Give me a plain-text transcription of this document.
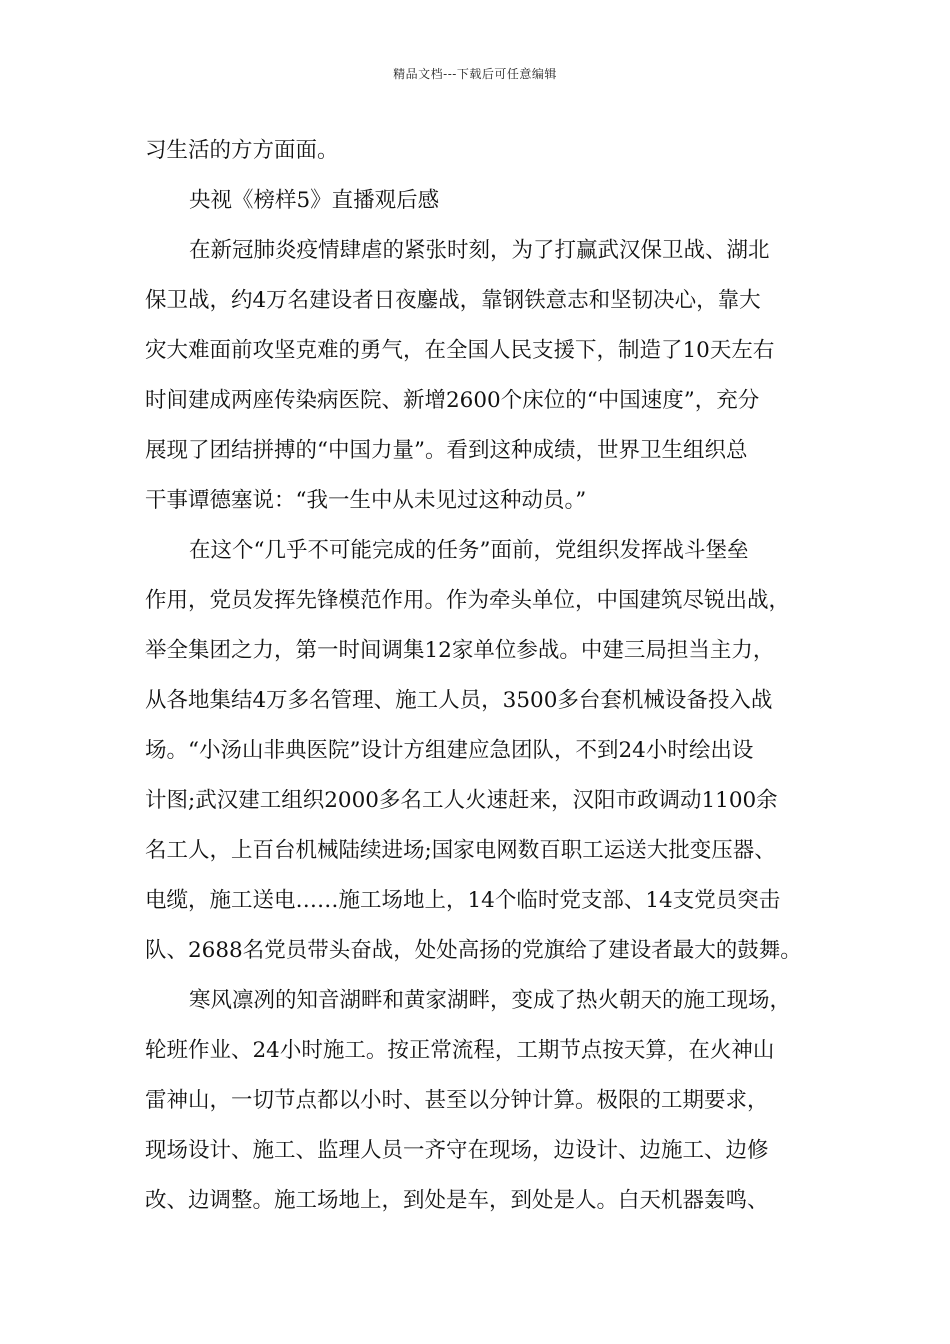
精品文档---下载后可任意编辑
习生活的方方面面。
央视《榜样5》直播观后感
在新冠肺炎疫情肆虐的紧张时刻，为了打赢武汉保卫战、湖北
保卫战，约4万名建设者日夜鏖战，靠钢铁意志和坚韧决心，靠大
灾大难面前攻坚克难的勇气，在全国人民支援下，制造了10天左右
时间建成两座传染病医院、新增2600个床位的“中国速度”，充分
展现了团结拼搏的“中国力量”。看到这种成绩，世界卫生组织总
干事谭德塞说：“我一生中从未见过这种动员。”
在这个“几乎不可能完成的任务”面前，党组织发挥战斗堡垒
作用，党员发挥先锋模范作用。作为牵头单位，中国建筑尽锐出战，
举全集团之力，第一时间调集12家单位参战。中建三局担当主力，
从各地集结4万多名管理、施工人员，3500多台套机械设备投入战
场。“小汤山非典医院”设计方组建应急团队，不到24小时绘出设
计图;武汉建工组织2000多名工人火速赶来，汉阳市政调动1100余
名工人，上百台机械陆续进场;国家电网数百职工运送大批变压器、
电缆，施工送电……施工场地上，14个临时党支部、14支党员突击
队、2688名党员带头奋战，处处高扬的党旗给了建设者最大的鼓舞。
寒风凛冽的知音湖畔和黄家湖畔，变成了热火朝天的施工现场，
轮班作业、24小时施工。按正常流程，工期节点按天算，在火神山
雷神山，一切节点都以小时、甚至以分钟计算。极限的工期要求，
现场设计、施工、监理人员一齐守在现场，边设计、边施工、边修
改、边调整。施工场地上，到处是车，到处是人。白天机器轰鸣、
